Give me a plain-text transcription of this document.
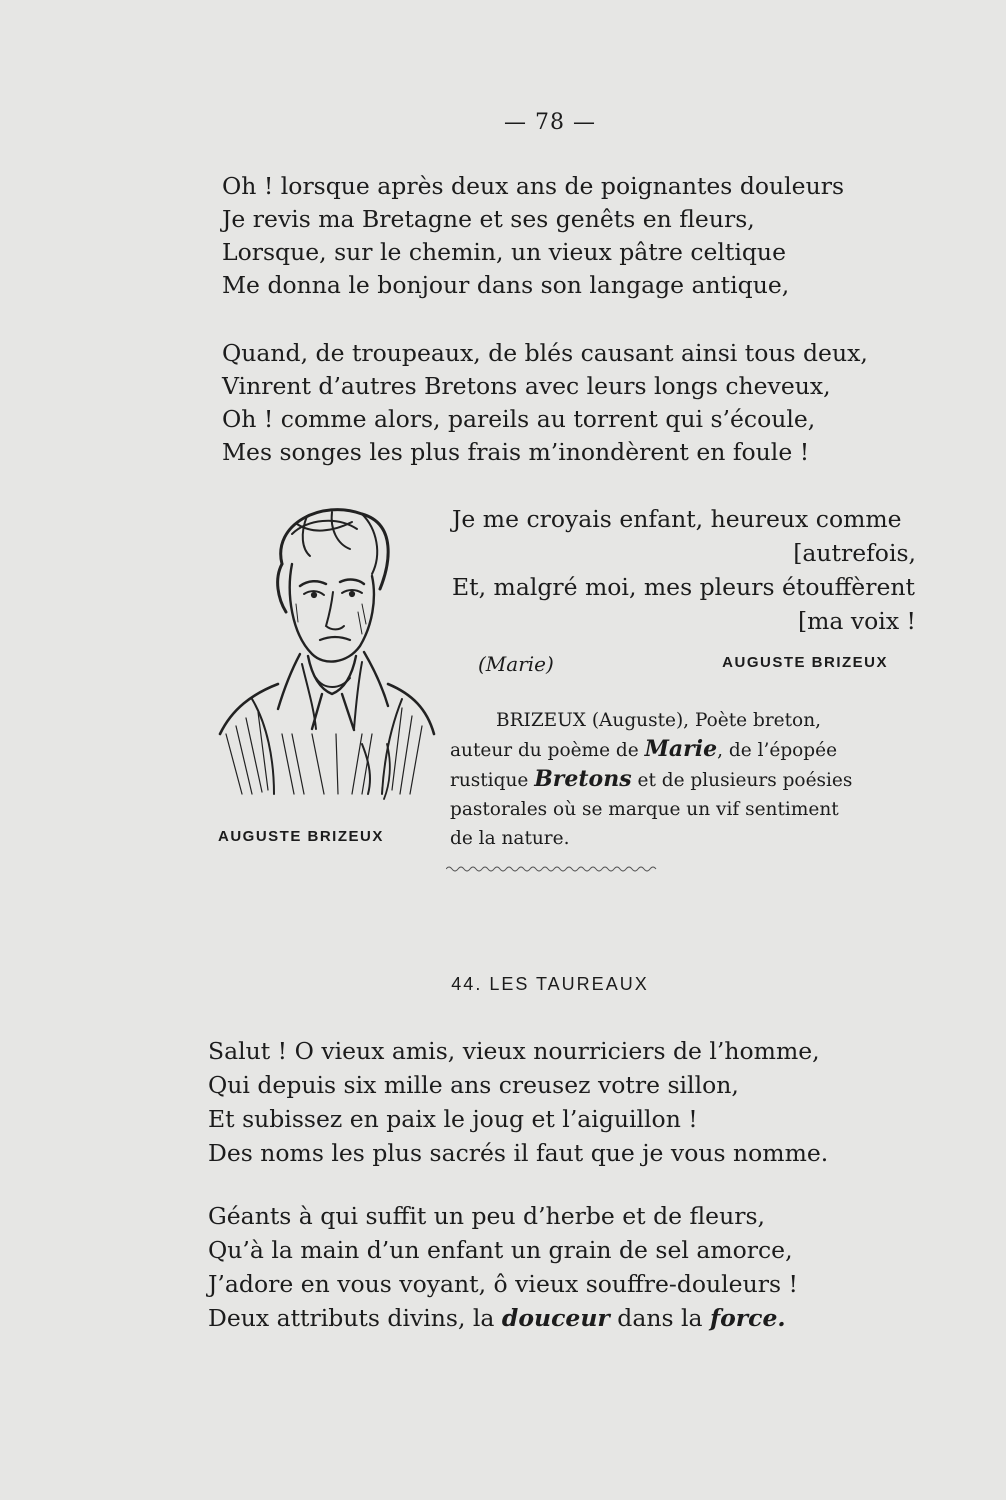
— 78 —
Oh ! lorsque après deux ans de poignantes douleurs
Je revis ma Bretagne et ses genêts en fleurs,
Lorsque, sur le chemin, un vieux pâtre celtique
Me donna le bonjour dans son langage antique,
Quand, de troupeaux, de blés causant ainsi tous deux,
Vinrent d’autres Bretons avec leurs longs cheveux,
Oh ! comme alors, pareils au torrent qui s’écoule,
Mes songes les plus frais m’inondèrent en foule !
AUGUSTE BRIZEUX
Je me croyais enfant, heureux comme
[autrefois,
Et, malgré moi, mes pleurs étouffèrent
[ma voix !
(Marie)	AUGUSTE BRIZEUX
BRIZEUX (Auguste), Poète breton,
auteur du poème de Marie, de l’épopée
rustique Bretons et de plusieurs poésies
pastorales où se marque un vif sentiment
de la nature.
44. LES TAUREAUX
Salut ! O vieux amis, vieux nourriciers de l’homme,
Qui depuis six mille ans creusez votre sillon,
Et subissez en paix le joug et l’aiguillon !
Des noms les plus sacrés il faut que je vous nomme.
Géants à qui suffit un peu d’herbe et de fleurs,
Qu’à la main d’un enfant un grain de sel amorce,
J’adore en vous voyant, ô vieux souffre-douleurs !
Deux attributs divins, la douceur dans la force.
